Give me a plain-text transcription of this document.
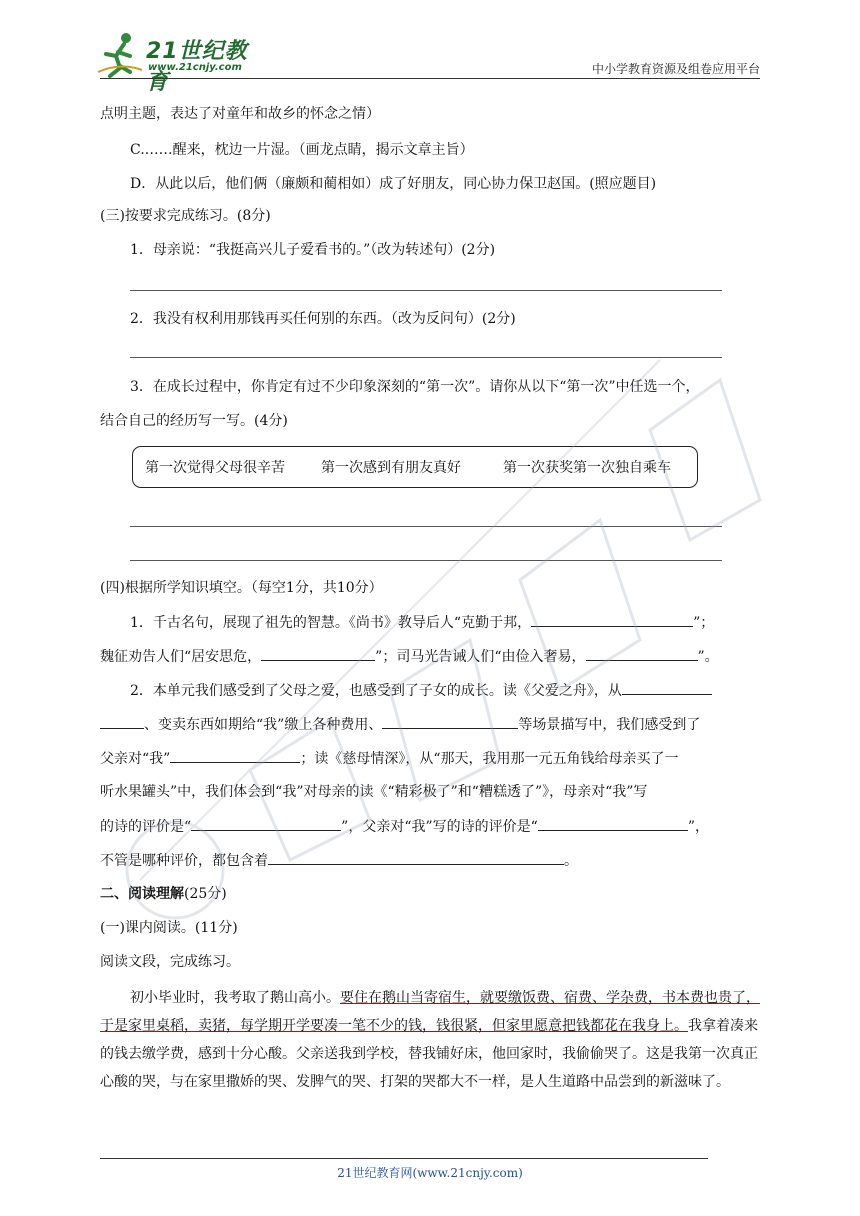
21世纪教育
www.21cnjy.com	中小学教育资源及组卷应用平台
点明主题，表达了对童年和故乡的怀念之情）
C.……醒来，枕边一片湿。（画龙点睛，揭示文章主旨）
D．从此以后，他们俩（廉颇和蔺相如）成了好朋友，同心协力保卫赵国。(照应题目)
(三)按要求完成练习。(8分)
1．母亲说：“我挺高兴儿子爱看书的。”（改为转述句）(2分)
2．我没有权利用那钱再买任何别的东西。（改为反问句）(2分)
3．在成长过程中，你肯定有过不少印象深刻的“第一次”。请你从以下“第一次”中任选一个，
结合自己的经历写一写。(4分)
第一次觉得父母很辛苦	第一次感到有朋友真好	第一次获奖第一次独自乘车
(四)根据所学知识填空。（每空1分，共10分）
1．千古名句，展现了祖先的智慧。《尚书》教导后人“克勤于邦，	”；
魏征劝告人们“居安思危，	”；司马光告诫人们“由俭入奢易，	”。
2．本单元我们感受到了父母之爱，也感受到了子女的成长。读《父爱之舟》，从
、变卖东西如期给“我”缴上各种费用、	等场景描写中，我们感受到了
父亲对“我”	；读《慈母情深》，从“那天，我用那一元五角钱给母亲买了一
听水果罐头”中，我们体会到“我”对母亲的读《“精彩极了”和“糟糕透了”》，母亲对“我”写
的诗的评价是“	”，父亲对“我”写的诗的评价是“	”，
不管是哪种评价，都包含着	。
二、阅读理解(25分)
(一)课内阅读。(11分)
阅读文段，完成练习。
初小毕业时，我考取了鹅山高小。要住在鹅山当寄宿生，就要缴饭费、宿费、学杂费，书本费也贵了，于是家里桌稻，卖猪，每学期开学要凑一笔不少的钱，钱很紧，但家里愿意把钱都花在我身上。我拿着凑来的钱去缴学费，感到十分心酸。父亲送我到学校，替我铺好床，他回家时，我偷偷哭了。这是我第一次真正心酸的哭，与在家里撒娇的哭、发脾气的哭、打架的哭都大不一样，是人生道路中品尝到的新滋味了。
21世纪教育网(www.21cnjy.com)
